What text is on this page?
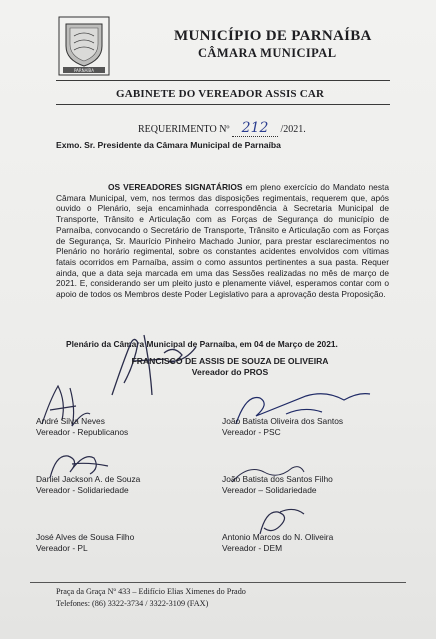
PARNAÍBA
MUNICÍPIO DE PARNAÍBA
CÂMARA MUNICIPAL
GABINETE DO VEREADOR ASSIS CAR
REQUERIMENTO Nº 212 /2021.
Exmo. Sr. Presidente da Câmara Municipal de Parnaíba
OS VEREADORES SIGNATÁRIOS em pleno exercício do Mandato nesta Câmara Municipal, vem, nos termos das disposições regimentais, requerem que, após ouvido o Plenário, seja encaminhada correspondência à Secretaria Municipal de Transporte, Trânsito e Articulação com as Forças de Segurança do município de Parnaíba, convocando o Secretário de Transporte, Trânsito e Articulação com as Forças de Segurança, Sr. Maurício Pinheiro Machado Junior, para prestar esclarecimentos no Plenário no horário regimental, sobre os constantes acidentes envolvidos com vítimas fatais ocorridos em Parnaíba, assim o como assuntos pertinentes a sua pasta. Requer ainda, que a data seja marcada em uma das Sessões realizadas no mês de março de 2021. E, considerando ser um pleito justo e plenamente viável, esperamos contar com o apoio de todos os Membros deste Poder Legislativo para a aprovação desta Proposição.
Plenário da Câmara Municipal de Parnaíba, em 04 de Março de 2021.
FRANCISCO DE ASSIS DE SOUZA DE OLIVEIRA
Vereador do PROS
André Silva Neves
Vereador - Republicanos
João Batista Oliveira dos Santos
Vereador - PSC
Daniel Jackson A. de Souza
Vereador - Solidariedade
João Batista dos Santos Filho
Vereador – Solidariedade
José Alves de Sousa Filho
Vereador - PL
Antonio Marcos do N. Oliveira
Vereador - DEM
Praça da Graça Nº 433 – Edifício Elias Ximenes do Prado
Telefones: (86) 3322-3734 / 3322-3109 (FAX)
